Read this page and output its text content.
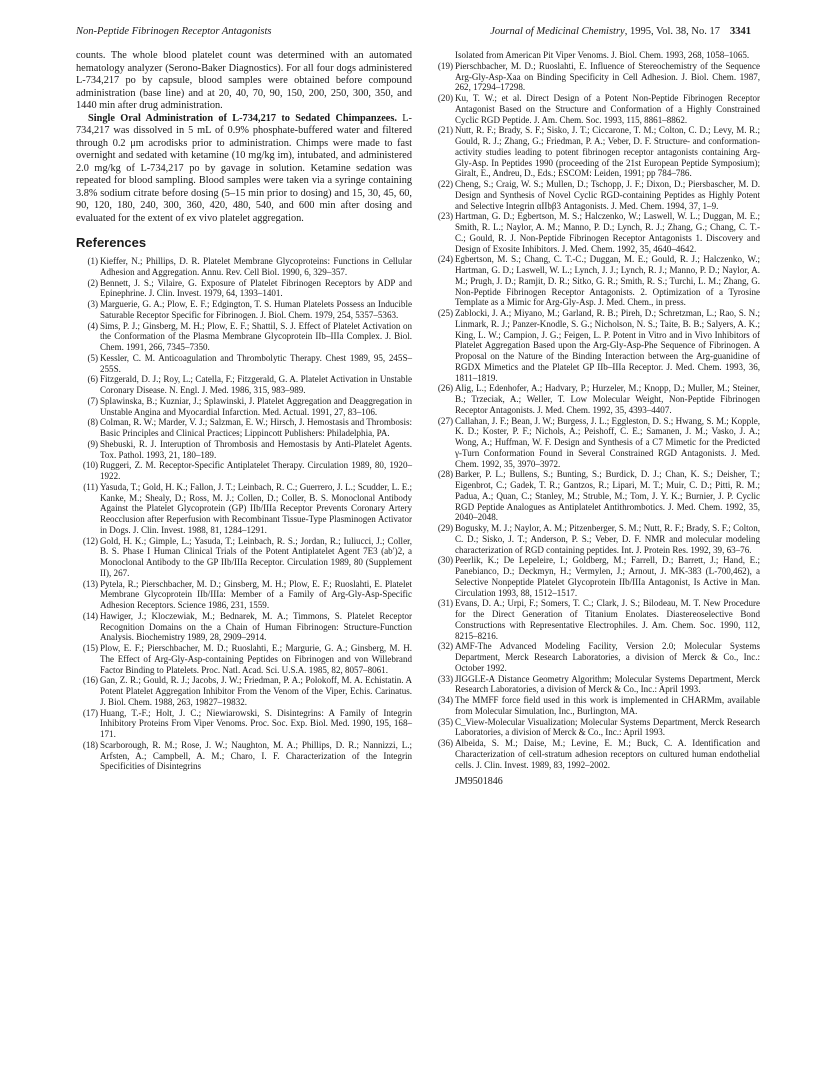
Non-Peptide Fibrinogen Receptor Antagonists	Journal of Medicinal Chemistry, 1995, Vol. 38, No. 17 3341

counts. The whole blood platelet count was determined with an automated hematology analyzer (Serono-Baker Diagnostics). For all four dogs administered L-734,217 po by capsule, blood samples were obtained before compound administration (base line) and at 20, 40, 70, 90, 150, 200, 250, 300, 350, and 1440 min after drug administration.

Single Oral Administration of L-734,217 to Sedated Chimpanzees. L-734,217 was dissolved in 5 mL of 0.9% phosphate-buffered water and filtered through 0.2 μm acrodisks prior to administration. Chimps were made to fast overnight and sedated with ketamine (10 mg/kg im), intubated, and administered 2.0 mg/kg of L-734,217 po by gavage in solution. Ketamine sedation was repeated for blood sampling. Blood samples were taken via a syringe containing 3.8% sodium citrate before dosing (5–15 min prior to dosing) and 15, 30, 45, 60, 90, 120, 180, 240, 300, 360, 420, 480, 540, and 600 min after dosing and evaluated for the extent of ex vivo platelet aggregation.

References

(1) Kieffer, N.; Phillips, D. R. Platelet Membrane Glycoproteins: Functions in Cellular Adhesion and Aggregation. Annu. Rev. Cell Biol. 1990, 6, 329–357.

(2) Bennett, J. S.; Vilaire, G. Exposure of Platelet Fibrinogen Receptors by ADP and Epinephrine. J. Clin. Invest. 1979, 64, 1393–1401.

(3) Marguerie, G. A.; Plow, E. F.; Edgington, T. S. Human Platelets Possess an Inducible Saturable Receptor Specific for Fibrinogen. J. Biol. Chem. 1979, 254, 5357–5363.

(4) Sims, P. J.; Ginsberg, M. H.; Plow, E. F.; Shattil, S. J. Effect of Platelet Activation on the Conformation of the Plasma Membrane Glycoprotein IIb–IIIa Complex. J. Biol. Chem. 1991, 266, 7345–7350.

(5) Kessler, C. M. Anticoagulation and Thrombolytic Therapy. Chest 1989, 95, 245S–255S.

(6) Fitzgerald, D. J.; Roy, L.; Catella, F.; Fitzgerald, G. A. Platelet Activation in Unstable Coronary Disease. N. Engl. J. Med. 1986, 315, 983–989.

(7) Splawinska, B.; Kuzniar, J.; Splawinski, J. Platelet Aggregation and Deaggregation in Unstable Angina and Myocardial Infarction. Med. Actual. 1991, 27, 83–106.

(8) Colman, R. W.; Marder, V. J.; Salzman, E. W.; Hirsch, J. Hemostasis and Thrombosis: Basic Principles and Clinical Practices; Lippincott Publishers: Philadelphia, PA.

(9) Shebuski, R. J. Interuption of Thrombosis and Hemostasis by Anti-Platelet Agents. Tox. Pathol. 1993, 21, 180–189.

(10) Ruggeri, Z. M. Receptor-Specific Antiplatelet Therapy. Circulation 1989, 80, 1920–1922.

(11) Yasuda, T.; Gold, H. K.; Fallon, J. T.; Leinbach, R. C.; Guerrero, J. L.; Scudder, L. E.; Kanke, M.; Shealy, D.; Ross, M. J.; Collen, D.; Coller, B. S. Monoclonal Antibody Against the Platelet Glycoprotein (GP) IIb/IIIa Receptor Prevents Coronary Artery Reocclusion after Reperfusion with Recombinant Tissue-Type Plasminogen Activator in Dogs. J. Clin. Invest. 1988, 81, 1284–1291.

(12) Gold, H. K.; Gimple, L.; Yasuda, T.; Leinbach, R. S.; Jordan, R.; Iuliucci, J.; Coller, B. S. Phase I Human Clinical Trials of the Potent Antiplatelet Agent 7E3 (ab′)2, a Monoclonal Antibody to the GP IIb/IIIa Receptor. Circulation 1989, 80 (Supplement II), 267.

(13) Pytela, R.; Pierschbacher, M. D.; Ginsberg, M. H.; Plow, E. F.; Ruoslahti, E. Platelet Membrane Glycoprotein IIb/IIIa: Member of a Family of Arg-Gly-Asp-Specific Adhesion Receptors. Science 1986, 231, 1559.

(14) Hawiger, J.; Kloczewiak, M.; Bednarek, M. A.; Timmons, S. Platelet Receptor Recognition Domains on the a Chain of Human Fibrinogen: Structure-Function Analysis. Biochemistry 1989, 28, 2909–2914.

(15) Plow, E. F.; Pierschbacher, M. D.; Ruoslahti, E.; Margurie, G. A.; Ginsberg, M. H. The Effect of Arg-Gly-Asp-containing Peptides on Fibrinogen and von Willebrand Factor Binding to Platelets. Proc. Natl. Acad. Sci. U.S.A. 1985, 82, 8057–8061.

(16) Gan, Z. R.; Gould, R. J.; Jacobs, J. W.; Friedman, P. A.; Polokoff, M. A. Echistatin. A Potent Platelet Aggregation Inhibitor From the Venom of the Viper, Echis. Carinatus. J. Biol. Chem. 1988, 263, 19827–19832.

(17) Huang, T.-F.; Holt, J. C.; Niewiarowski, S. Disintegrins: A Family of Integrin Inhibitory Proteins From Viper Venoms. Proc. Soc. Exp. Biol. Med. 1990, 195, 168–171.

(18) Scarborough, R. M.; Rose, J. W.; Naughton, M. A.; Phillips, D. R.; Nannizzi, L.; Arfsten, A.; Campbell, A. M.; Charo, I. F. Characterization of the Integrin Specificities of Disintegrins

Isolated from American Pit Viper Venoms. J. Biol. Chem. 1993, 268, 1058–1065.

(19) Pierschbacher, M. D.; Ruoslahti, E. Influence of Stereochemistry of the Sequence Arg-Gly-Asp-Xaa on Binding Specificity in Cell Adhesion. J. Biol. Chem. 1987, 262, 17294–17298.

(20) Ku, T. W.; et al. Direct Design of a Potent Non-Peptide Fibrinogen Receptor Antagonist Based on the Structure and Conformation of a Highly Constrained Cyclic RGD Peptide. J. Am. Chem. Soc. 1993, 115, 8861–8862.

(21) Nutt, R. F.; Brady, S. F.; Sisko, J. T.; Ciccarone, T. M.; Colton, C. D.; Levy, M. R.; Gould, R. J.; Zhang, G.; Friedman, P. A.; Veber, D. F. Structure- and conformation-activity studies leading to potent fibrinogen receptor antagonists containing Arg-Gly-Asp. In Peptides 1990 (proceeding of the 21st European Peptide Symposium); Giralt, E., Andreu, D., Eds.; ESCOM: Leiden, 1991; pp 784–786.

(22) Cheng, S.; Craig, W. S.; Mullen, D.; Tschopp, J. F.; Dixon, D.; Piersbascher, M. D. Design and Synthesis of Novel Cyclic RGD-containing Peptides as Highly Potent and Selective Integrin αIIbβ3 Antagonists. J. Med. Chem. 1994, 37, 1–9.

(23) Hartman, G. D.; Egbertson, M. S.; Halczenko, W.; Laswell, W. L.; Duggan, M. E.; Smith, R. L.; Naylor, A. M.; Manno, P. D.; Lynch, R. J.; Zhang, G.; Chang, C. T.-C.; Gould, R. J. Non-Peptide Fibrinogen Receptor Antagonists 1. Discovery and Design of Exosite Inhibitors. J. Med. Chem. 1992, 35, 4640–4642.

(24) Egbertson, M. S.; Chang, C. T.-C.; Duggan, M. E.; Gould, R. J.; Halczenko, W.; Hartman, G. D.; Laswell, W. L.; Lynch, J. J.; Lynch, R. J.; Manno, P. D.; Naylor, A. M.; Prugh, J. D.; Ramjit, D. R.; Sitko, G. R.; Smith, R. S.; Turchi, L. M.; Zhang, G. Non-Peptide Fibrinogen Receptor Antagonists. 2. Optimization of a Tyrosine Template as a Mimic for Arg-Gly-Asp. J. Med. Chem., in press.

(25) Zablocki, J. A.; Miyano, M.; Garland, R. B.; Pireh, D.; Schretzman, L.; Rao, S. N.; Linmark, R. J.; Panzer-Knodle, S. G.; Nicholson, N. S.; Taite, B. B.; Salyers, A. K.; King, L. W.; Campion, J. G.; Feigen, L. P. Potent in Vitro and in Vivo Inhibitors of Platelet Aggregation Based upon the Arg-Gly-Asp-Phe Sequence of Fibrinogen. A Proposal on the Nature of the Binding Interaction between the Arg-guanidine of RGDX Mimetics and the Platelet GP IIb–IIIa Receptor. J. Med. Chem. 1993, 36, 1811–1819.

(26) Alig, L.; Edenhofer, A.; Hadvary, P.; Hurzeler, M.; Knopp, D.; Muller, M.; Steiner, B.; Trzeciak, A.; Weller, T. Low Molecular Weight, Non-Peptide Fibrinogen Receptor Antagonists. J. Med. Chem. 1992, 35, 4393–4407.

(27) Callahan, J. F.; Bean, J. W.; Burgess, J. L.; Eggleston, D. S.; Hwang, S. M.; Kopple, K. D.; Koster, P. F.; Nichols, A.; Peishoff, C. E.; Samanen, J. M.; Vasko, J. A.; Wong, A.; Huffman, W. F. Design and Synthesis of a C7 Mimetic for the Predicted γ-Turn Conformation Found in Several Constrained RGD Antagonists. J. Med. Chem. 1992, 35, 3970–3972.

(28) Barker, P. L.; Bullens, S.; Bunting, S.; Burdick, D. J.; Chan, K. S.; Deisher, T.; Eigenbrot, C.; Gadek, T. R.; Gantzos, R.; Lipari, M. T.; Muir, C. D.; Pitti, R. M.; Padua, A.; Quan, C.; Stanley, M.; Struble, M.; Tom, J. Y. K.; Burnier, J. P. Cyclic RGD Peptide Analogues as Antiplatelet Antithrombotics. J. Med. Chem. 1992, 35, 2040–2048.

(29) Bogusky, M. J.; Naylor, A. M.; Pitzenberger, S. M.; Nutt, R. F.; Brady, S. F.; Colton, C. D.; Sisko, J. T.; Anderson, P. S.; Veber, D. F. NMR and molecular modeling characterization of RGD containing peptides. Int. J. Protein Res. 1992, 39, 63–76.

(30) Peerlik, K.; De Lepeleire, I.; Goldberg, M.; Farrell, D.; Barrett, J.; Hand, E.; Panebianco, D.; Deckmyn, H.; Vermylen, J.; Arnout, J. MK-383 (L-700,462), a Selective Nonpeptide Platelet Glycoprotein IIb/IIIa Antagonist, Is Active in Man. Circulation 1993, 88, 1512–1517.

(31) Evans, D. A.; Urpi, F.; Somers, T. C.; Clark, J. S.; Bilodeau, M. T. New Procedure for the Direct Generation of Titanium Enolates. Diastereoselective Bond Constructions with Representative Electrophiles. J. Am. Chem. Soc. 1990, 112, 8215–8216.

(32) AMF-The Advanced Modeling Facility, Version 2.0; Molecular Systems Department, Merck Research Laboratories, a division of Merck & Co., Inc.: October 1992.

(33) JIGGLE-A Distance Geometry Algorithm; Molecular Systems Department, Merck Research Laboratories, a division of Merck & Co., Inc.: April 1993.

(34) The MMFF force field used in this work is implemented in CHARMm, available from Molecular Simulation, Inc., Burlington, MA.

(35) C_View-Molecular Visualization; Molecular Systems Department, Merck Research Laboratories, a division of Merck & Co., Inc.: April 1993.

(36) Albeida, S. M.; Daise, M.; Levine, E. M.; Buck, C. A. Identification and Characterization of cell-stratum adhesion receptors on cultured human endothelial cells. J. Clin. Invest. 1989, 83, 1992–2002.

JM9501846
